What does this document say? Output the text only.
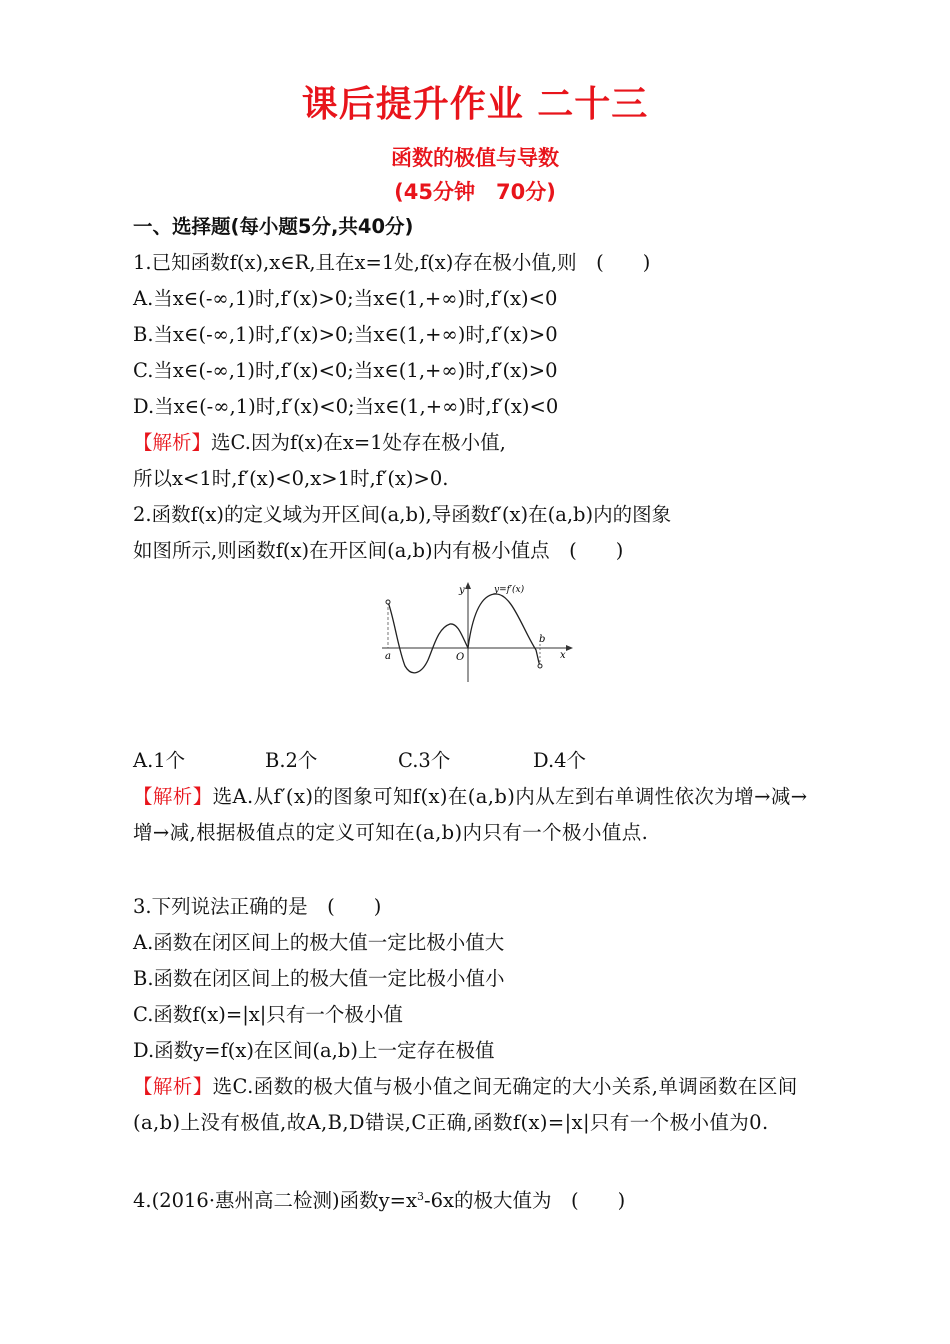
课后提升作业 二十三
函数的极值与导数
(45分钟　70分)
一、选择题(每小题5分,共40分)
1.已知函数f(x),x∈R,且在x=1处,f(x)存在极小值,则　(　　)
A.当x∈(-∞,1)时,f′(x)>0;当x∈(1,+∞)时,f′(x)<0
B.当x∈(-∞,1)时,f′(x)>0;当x∈(1,+∞)时,f′(x)>0
C.当x∈(-∞,1)时,f′(x)<0;当x∈(1,+∞)时,f′(x)>0
D.当x∈(-∞,1)时,f′(x)<0;当x∈(1,+∞)时,f′(x)<0
【解析】选C.因为f(x)在x=1处存在极小值,
所以x<1时,f′(x)<0,x>1时,f′(x)>0.
2.函数f(x)的定义域为开区间(a,b),导函数f′(x)在(a,b)内的图象
如图所示,则函数f(x)在开区间(a,b)内有极小值点　(　　)
y	y=f′(x)
x
O
a
b
A.1个	B.2个	C.3个	D.4个
【解析】选A.从f′(x)的图象可知f(x)在(a,b)内从左到右单调性依次为增→减→增→减,根据极值点的定义可知在(a,b)内只有一个极小值点.
3.下列说法正确的是　(　　)
A.函数在闭区间上的极大值一定比极小值大
B.函数在闭区间上的极大值一定比极小值小
C.函数f(x)=|x|只有一个极小值
D.函数y=f(x)在区间(a,b)上一定存在极值
【解析】选C.函数的极大值与极小值之间无确定的大小关系,单调函数在区间(a,b)上没有极值,故A,B,D错误,C正确,函数f(x)=|x|只有一个极小值为0.
4.(2016·惠州高二检测)函数$y=x^3-6x$的极大值为　(　　)
